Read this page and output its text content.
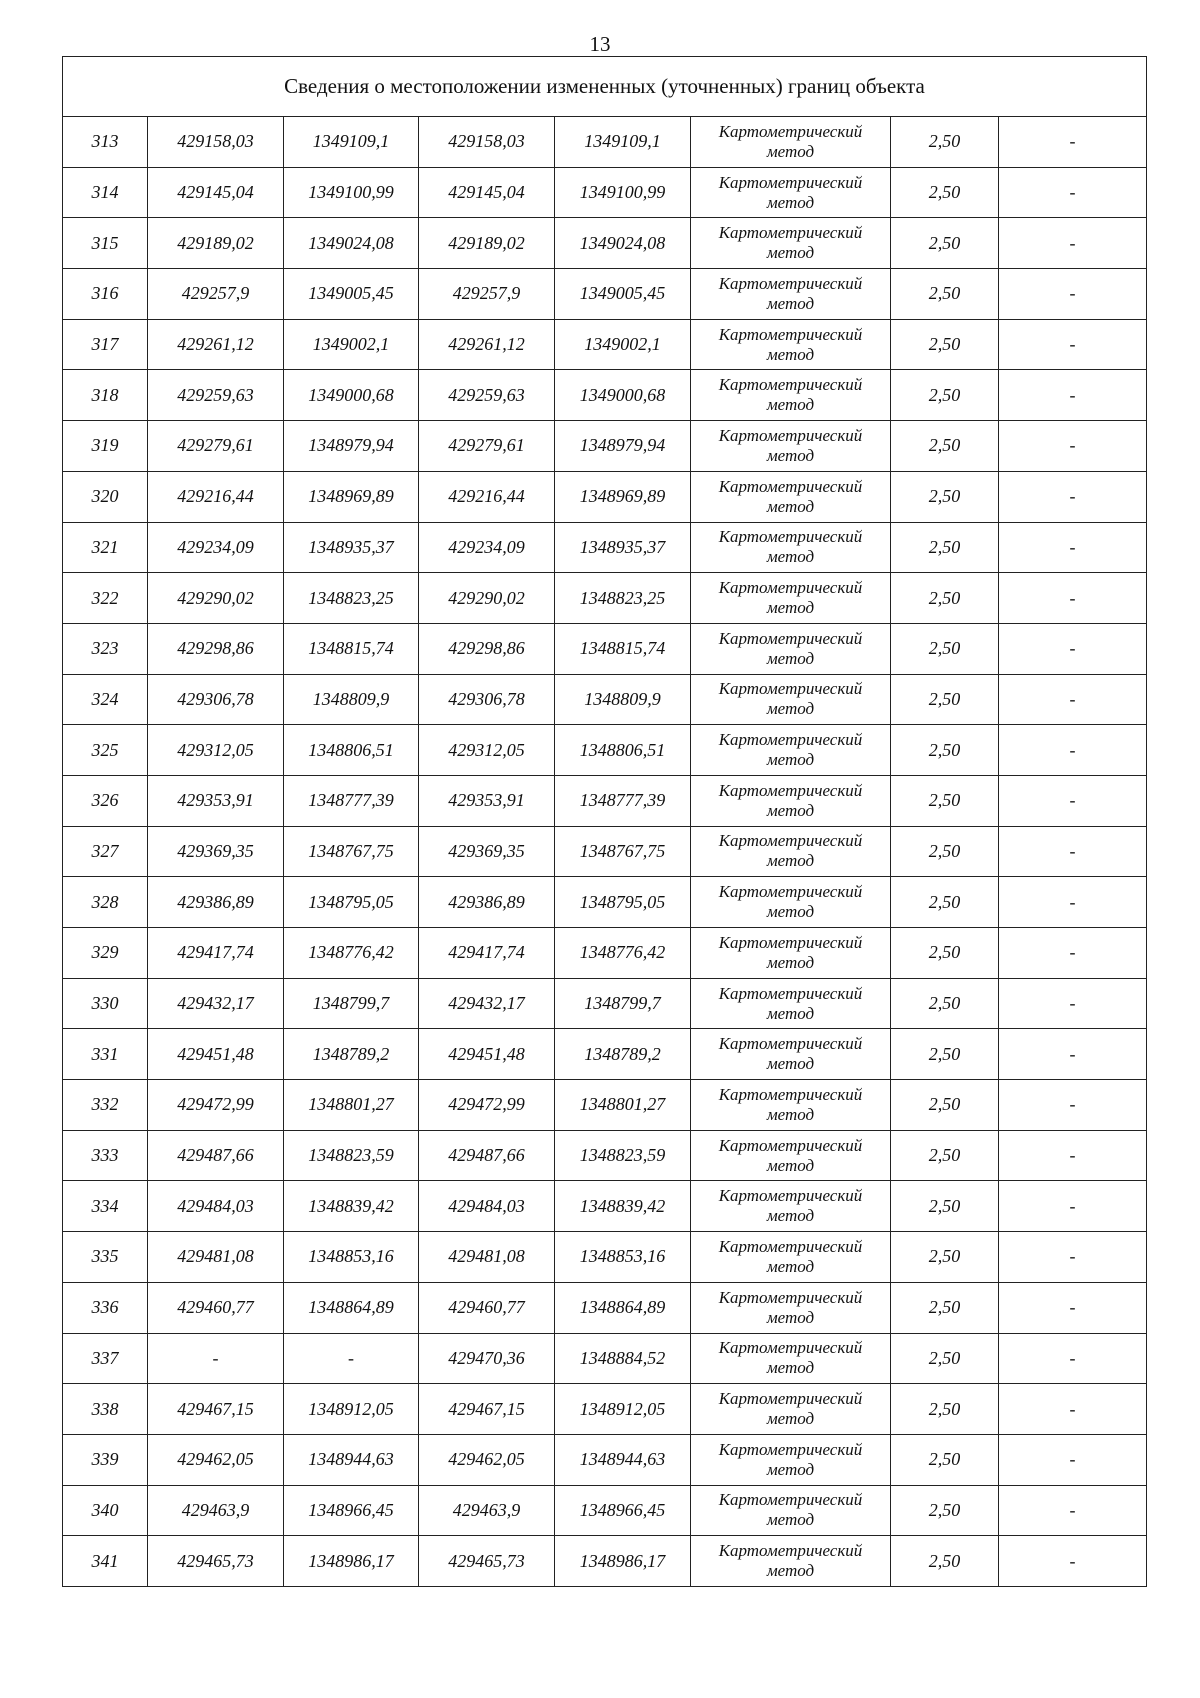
13
Сведения о местоположении измененных (уточненных) границ объекта							
313	429158,03	1349109,1	429158,03	1349109,1	Картометрический
метод	2,50	-
314	429145,04	1349100,99	429145,04	1349100,99	Картометрический
метод	2,50	-
315	429189,02	1349024,08	429189,02	1349024,08	Картометрический
метод	2,50	-
316	429257,9	1349005,45	429257,9	1349005,45	Картометрический
метод	2,50	-
317	429261,12	1349002,1	429261,12	1349002,1	Картометрический
метод	2,50	-
318	429259,63	1349000,68	429259,63	1349000,68	Картометрический
метод	2,50	-
319	429279,61	1348979,94	429279,61	1348979,94	Картометрический
метод	2,50	-
320	429216,44	1348969,89	429216,44	1348969,89	Картометрический
метод	2,50	-
321	429234,09	1348935,37	429234,09	1348935,37	Картометрический
метод	2,50	-
322	429290,02	1348823,25	429290,02	1348823,25	Картометрический
метод	2,50	-
323	429298,86	1348815,74	429298,86	1348815,74	Картометрический
метод	2,50	-
324	429306,78	1348809,9	429306,78	1348809,9	Картометрический
метод	2,50	-
325	429312,05	1348806,51	429312,05	1348806,51	Картометрический
метод	2,50	-
326	429353,91	1348777,39	429353,91	1348777,39	Картометрический
метод	2,50	-
327	429369,35	1348767,75	429369,35	1348767,75	Картометрический
метод	2,50	-
328	429386,89	1348795,05	429386,89	1348795,05	Картометрический
метод	2,50	-
329	429417,74	1348776,42	429417,74	1348776,42	Картометрический
метод	2,50	-
330	429432,17	1348799,7	429432,17	1348799,7	Картометрический
метод	2,50	-
331	429451,48	1348789,2	429451,48	1348789,2	Картометрический
метод	2,50	-
332	429472,99	1348801,27	429472,99	1348801,27	Картометрический
метод	2,50	-
333	429487,66	1348823,59	429487,66	1348823,59	Картометрический
метод	2,50	-
334	429484,03	1348839,42	429484,03	1348839,42	Картометрический
метод	2,50	-
335	429481,08	1348853,16	429481,08	1348853,16	Картометрический
метод	2,50	-
336	429460,77	1348864,89	429460,77	1348864,89	Картометрический
метод	2,50	-
337	-	-	429470,36	1348884,52	Картометрический
метод	2,50	-
338	429467,15	1348912,05	429467,15	1348912,05	Картометрический
метод	2,50	-
339	429462,05	1348944,63	429462,05	1348944,63	Картометрический
метод	2,50	-
340	429463,9	1348966,45	429463,9	1348966,45	Картометрический
метод	2,50	-
341	429465,73	1348986,17	429465,73	1348986,17	Картометрический
метод	2,50	-
